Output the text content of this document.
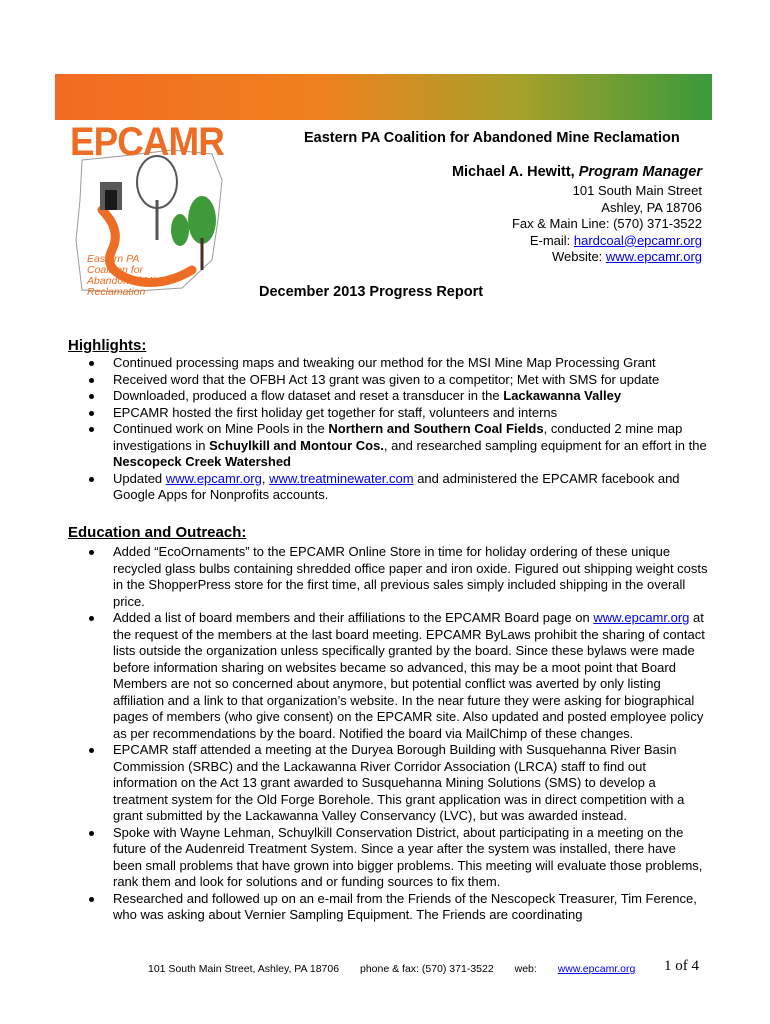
EPCAMR
Eastern PA
Coalition for
Abandoned Mine
Reclamation
Eastern PA Coalition for Abandoned Mine Reclamation
Michael A. Hewitt, Program Manager
101 South Main Street
Ashley, PA 18706
Fax & Main Line: (570) 371-3522
E-mail: hardcoal@epcamr.org
Website: www.epcamr.org
December 2013 Progress Report
Highlights:
Continued processing maps and tweaking our method for the MSI Mine Map Processing Grant
Received word that the OFBH Act 13 grant was given to a competitor; Met with SMS for update
Downloaded, produced a flow dataset and reset a transducer in the Lackawanna Valley
EPCAMR hosted the first holiday get together for staff, volunteers and interns
Continued work on Mine Pools in the Northern and Southern Coal Fields, conducted 2 mine map investigations in Schuylkill and Montour Cos., and researched sampling equipment for an effort in the Nescopeck Creek Watershed
Updated www.epcamr.org, www.treatminewater.com and administered the EPCAMR facebook and Google Apps for Nonprofits accounts.
Education and Outreach:
Added “EcoOrnaments” to the EPCAMR Online Store in time for holiday ordering of these unique recycled glass bulbs containing shredded office paper and iron oxide. Figured out shipping weight costs in the ShopperPress store for the first time, all previous sales simply included shipping in the overall price.
Added a list of board members and their affiliations to the EPCAMR Board page on www.epcamr.org at the request of the members at the last board meeting. EPCAMR ByLaws prohibit the sharing of contact lists outside the organization unless specifically granted by the board. Since these bylaws were made before information sharing on websites became so advanced, this may be a moot point that Board Members are not so concerned about anymore, but potential conflict was averted by only listing affiliation and a link to that organization’s website. In the near future they were asking for biographical pages of members (who give consent) on the EPCAMR site. Also updated and posted employee policy as per recommendations by the board. Notified the board via MailChimp of these changes.
EPCAMR staff attended a meeting at the Duryea Borough Building with Susquehanna River Basin Commission (SRBC) and the Lackawanna River Corridor Association (LRCA) staff to find out information on the Act 13 grant awarded to Susquehanna Mining Solutions (SMS) to develop a treatment system for the Old Forge Borehole. This grant application was in direct competition with a grant submitted by the Lackawanna Valley Conservancy (LVC), but was awarded instead.
Spoke with Wayne Lehman, Schuylkill Conservation District, about participating in a meeting on the future of the Audenreid Treatment System. Since a year after the system was installed, there have been small problems that have grown into bigger problems. This meeting will evaluate those problems, rank them and look for solutions and or funding sources to fix them.
Researched and followed up on an e-mail from the Friends of the Nescopeck Treasurer, Tim Ference, who was asking about Vernier Sampling Equipment. The Friends are coordinating
101 South Main Street, Ashley, PA 18706 phone & fax: (570) 371-3522 web: www.epcamr.org	1 of 4
